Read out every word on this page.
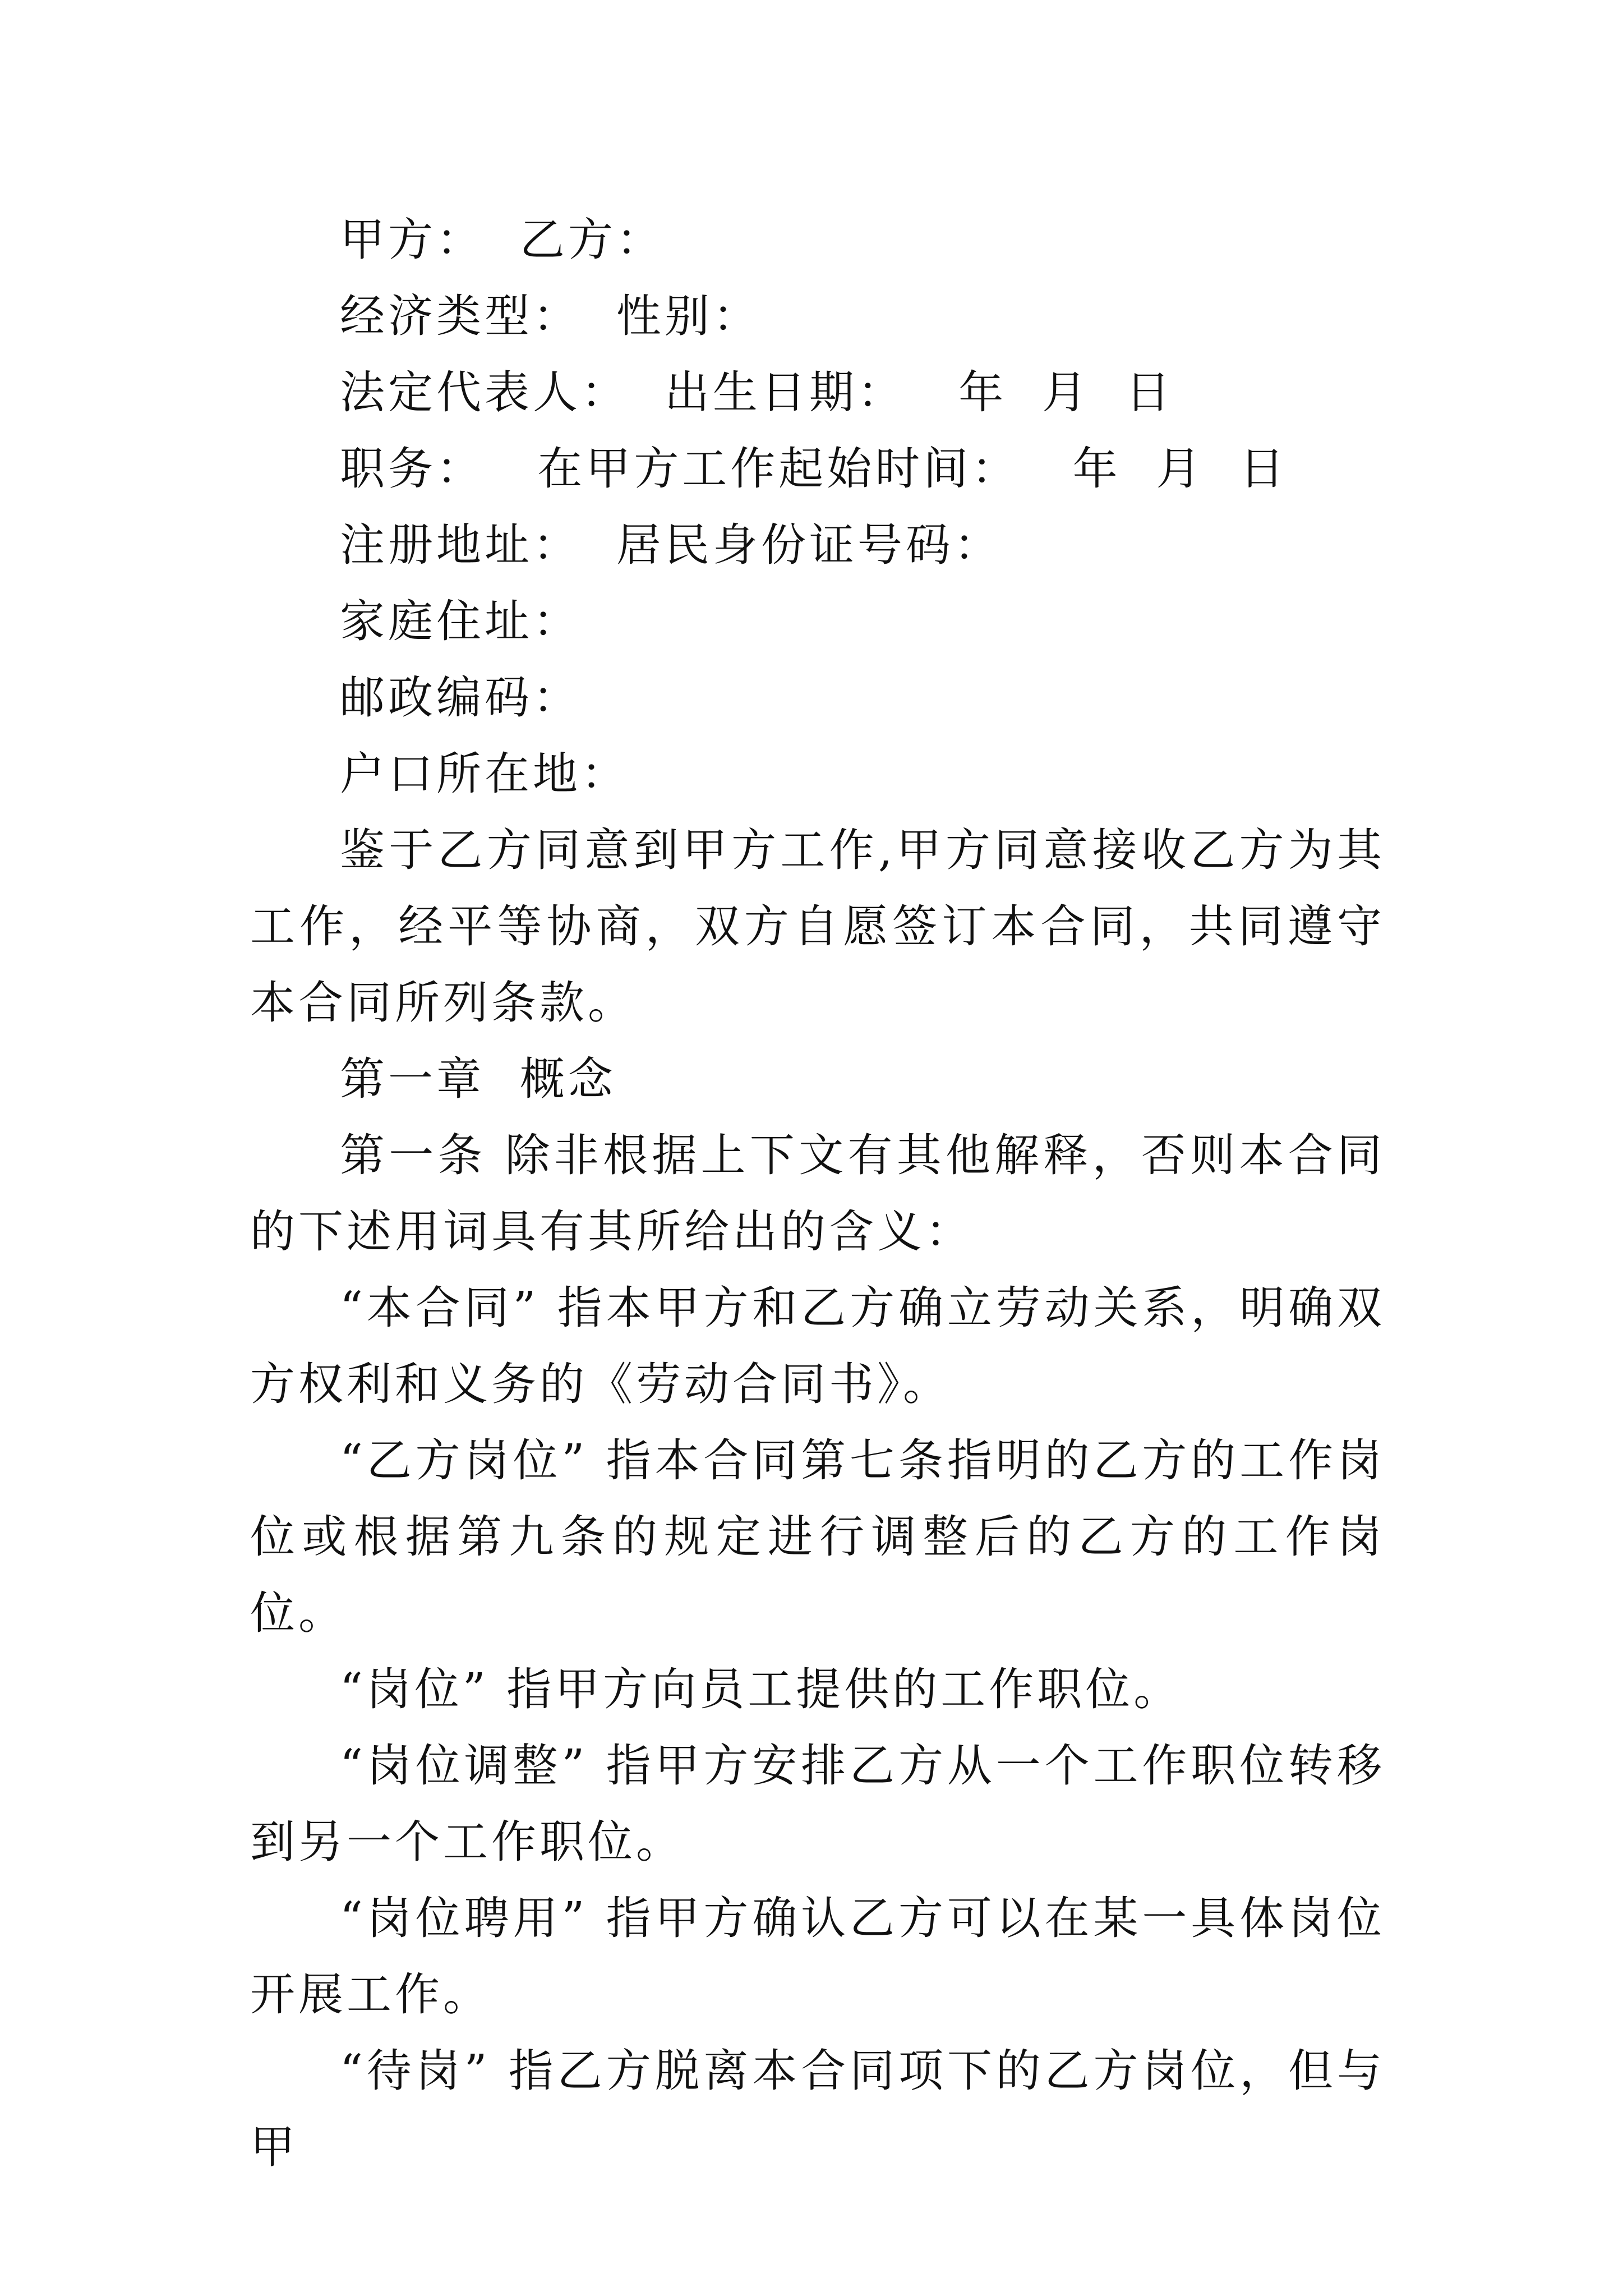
甲方：  乙方：
经济类型：  性别：
法定代表人：  出生日期：   年  月  日
职务：   在甲方工作起始时间：   年  月  日
注册地址：  居民身份证号码：
家庭住址：
邮政编码：
户口所在地：
鉴于乙方同意到甲方工作,甲方同意接收乙方为其工作，经平等协商，双方自愿签订本合同，共同遵守本合同所列条款。
第一章  概念
第一条 除非根据上下文有其他解释，否则本合同的下述用词具有其所给出的含义：
“本合同” 指本甲方和乙方确立劳动关系，明确双方权利和义务的《劳动合同书》。
“乙方岗位” 指本合同第七条指明的乙方的工作岗位或根据第九条的规定进行调整后的乙方的工作岗位。
“岗位” 指甲方向员工提供的工作职位。
“岗位调整” 指甲方安排乙方从一个工作职位转移到另一个工作职位。
“岗位聘用” 指甲方确认乙方可以在某一具体岗位开展工作。
“待岗” 指乙方脱离本合同项下的乙方岗位，但与甲
